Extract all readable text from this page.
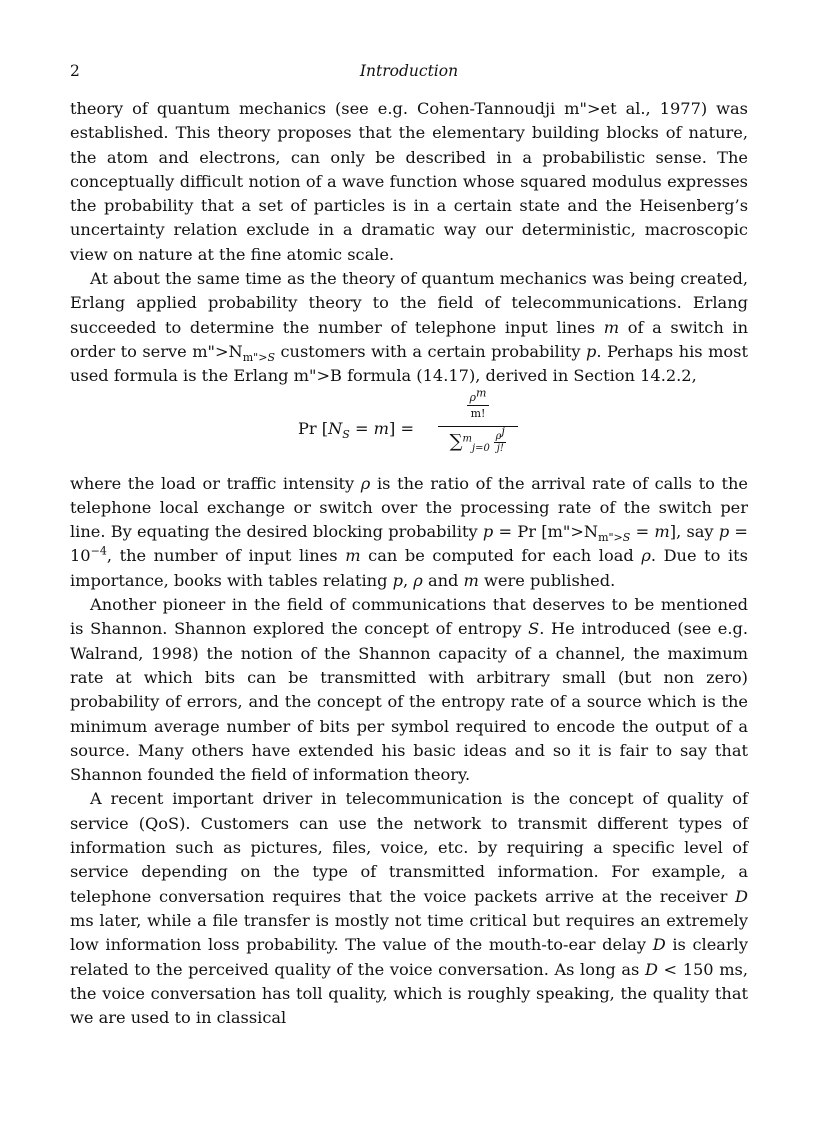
2	Introduction

theory of quantum mechanics (see e.g. Cohen-Tannoudji m">et al., 1977) was established. This theory proposes that the elementary building blocks of nature, the atom and electrons, can only be described in a probabilistic sense. The conceptually difficult notion of a wave function whose squared modulus expresses the probability that a set of particles is in a certain state and the Heisenberg’s uncertainty relation exclude in a dramatic way our deterministic, macroscopic view on nature at the fine atomic scale.

At about the same time as the theory of quantum mechanics was being created, Erlang applied probability theory to the field of telecommunications. Erlang succeeded to determine the number of telephone input lines m of a switch in order to serve $m">N_{m">S}$ customers with a certain probability p. Perhaps his most used formula is the Erlang m">B formula (14.17), derived in Section 14.2.2,

Pr $[N_S = m]$ =
$\rho^m$
m!
$\sum^m_{j=0} \frac{\rho^j}{j!}$

where the load or traffic intensity ρ is the ratio of the arrival rate of calls to the telephone local exchange or switch over the processing rate of the switch per line. By equating the desired blocking probability p = Pr $[m">N_{m">S} = m]$, say $p = 10^{-4}$, the number of input lines m can be computed for each load ρ. Due to its importance, books with tables relating p, ρ and m were published.

Another pioneer in the field of communications that deserves to be mentioned is Shannon. Shannon explored the concept of entropy S. He introduced (see e.g. Walrand, 1998) the notion of the Shannon capacity of a channel, the maximum rate at which bits can be transmitted with arbitrary small (but non zero) probability of errors, and the concept of the entropy rate of a source which is the minimum average number of bits per symbol required to encode the output of a source. Many others have extended his basic ideas and so it is fair to say that Shannon founded the field of information theory.

A recent important driver in telecommunication is the concept of quality of service (QoS). Customers can use the network to transmit different types of information such as pictures, files, voice, etc. by requiring a specific level of service depending on the type of transmitted information. For example, a telephone conversation requires that the voice packets arrive at the receiver D ms later, while a file transfer is mostly not time critical but requires an extremely low information loss probability. The value of the mouth-to-ear delay D is clearly related to the perceived quality of the voice conversation. As long as D < 150 ms, the voice conversation has toll quality, which is roughly speaking, the quality that we are used to in classical
